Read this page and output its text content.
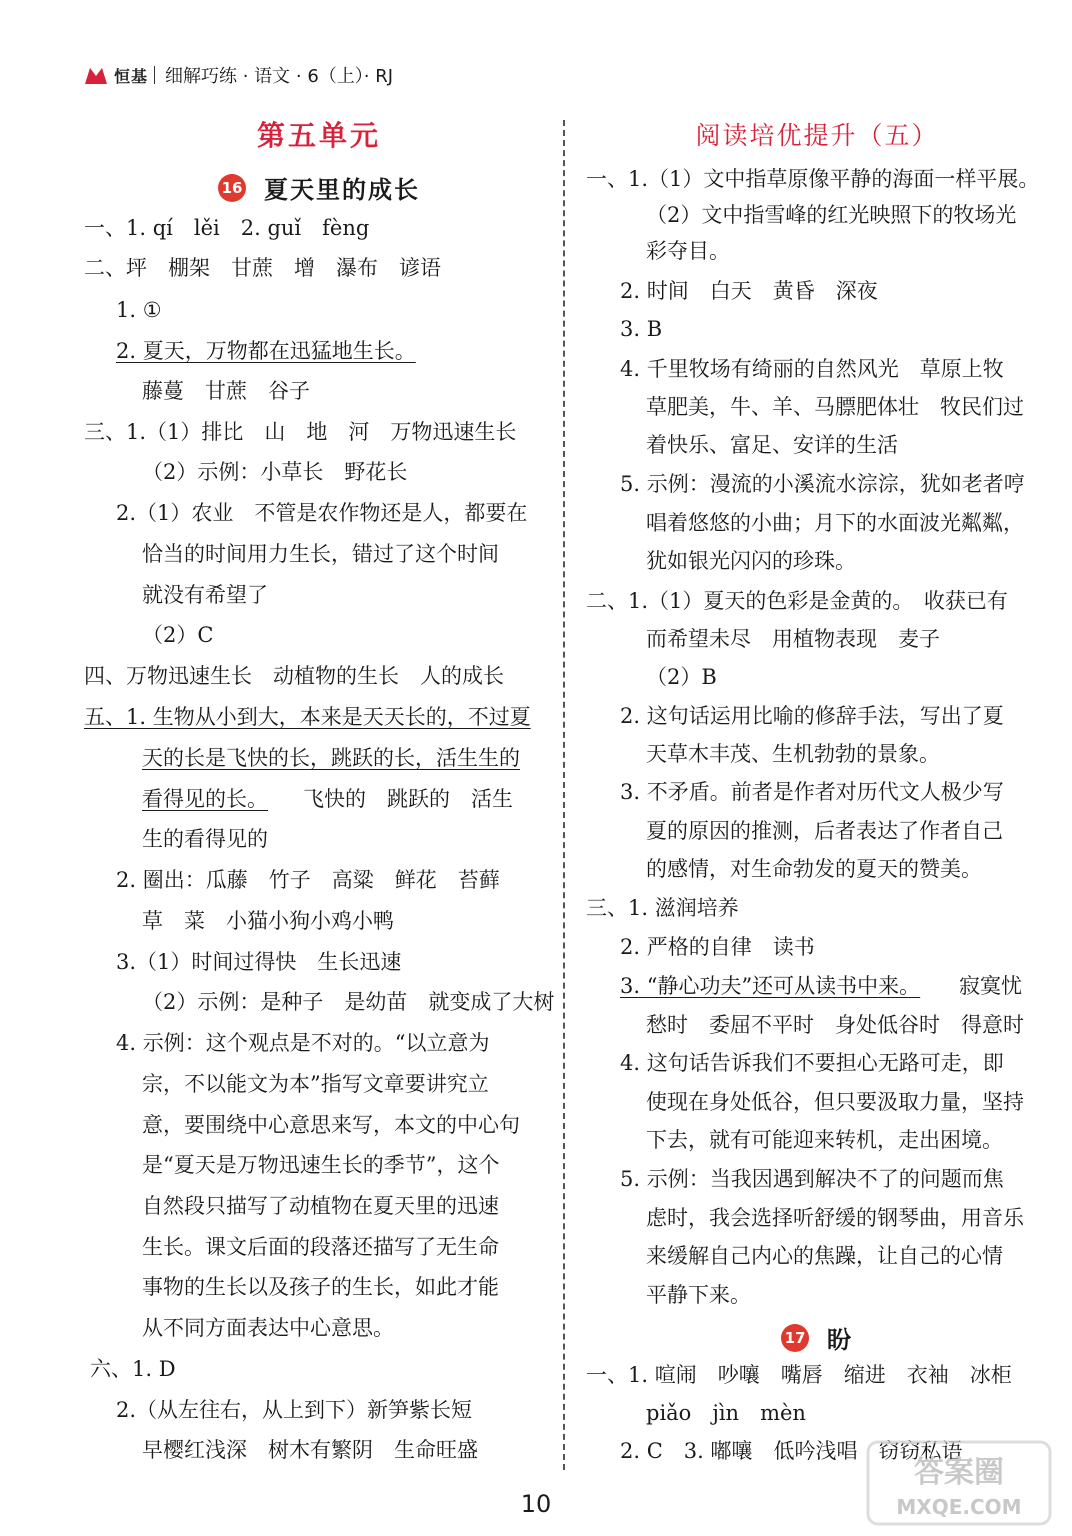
恒基 细解巧练 · 语文 · 6（上）· RJ
第五单元
16 夏天里的成长
一、1. qí　lěi　2. guǐ　fèng
二、坪　棚架　甘蔗　增　瀑布　谚语
1. ①
2. 夏天，万物都在迅猛地生长。
藤蔓　甘蔗　谷子
三、1.（1）排比　山　地　河　万物迅速生长
（2）示例：小草长　野花长
2.（1）农业　不管是农作物还是人，都要在
恰当的时间用力生长，错过了这个时间
就没有希望了
（2）C
四、万物迅速生长　动植物的生长　人的成长
五、1. 生物从小到大，本来是天天长的，不过夏
天的长是飞快的长，跳跃的长，活生生的
看得见的长。 　飞快的　跳跃的　活生
生的看得见的
2. 圈出：瓜藤　竹子　高粱　鲜花　苔藓
草　菜　小猫小狗小鸡小鸭
3.（1）时间过得快　生长迅速
（2）示例：是种子　是幼苗　就变成了大树
4. 示例：这个观点是不对的。“以立意为
宗，不以能文为本”指写文章要讲究立
意，要围绕中心意思来写，本文的中心句
是“夏天是万物迅速生长的季节”，这个
自然段只描写了动植物在夏天里的迅速
生长。课文后面的段落还描写了无生命
事物的生长以及孩子的生长，如此才能
从不同方面表达中心意思。
六、1. D
2.（从左往右，从上到下）新笋紫长短
早樱红浅深　树木有繁阴　生命旺盛
阅读培优提升（五）
一、1.（1）文中指草原像平静的海面一样平展。
（2）文中指雪峰的红光映照下的牧场光
彩夺目。
2. 时间　白天　黄昏　深夜
3. B
4. 千里牧场有绮丽的自然风光　草原上牧
草肥美，牛、羊、马膘肥体壮　牧民们过
着快乐、富足、安详的生活
5. 示例：漫流的小溪流水淙淙，犹如老者哼
唱着悠悠的小曲；月下的水面波光粼粼，
犹如银光闪闪的珍珠。
二、1.（1）夏天的色彩是金黄的。　收获已有
而希望未尽　用植物表现　麦子
（2）B
2. 这句话运用比喻的修辞手法，写出了夏
天草木丰茂、生机勃勃的景象。
3. 不矛盾。前者是作者对历代文人极少写
夏的原因的推测，后者表达了作者自己
的感情，对生命勃发的夏天的赞美。
三、1. 滋润培养
2. 严格的自律　读书
3. “静心功夫”还可从读书中来。 　寂寞忧
愁时　委屈不平时　身处低谷时　得意时
4. 这句话告诉我们不要担心无路可走，即
使现在身处低谷，但只要汲取力量，坚持
下去，就有可能迎来转机，走出困境。
5. 示例：当我因遇到解决不了的问题而焦
虑时，我会选择听舒缓的钢琴曲，用音乐
来缓解自己内心的焦躁，让自己的心情
平静下来。
17 盼
一、1. 喧闹　吵嚷　嘴唇　缩进　衣袖　冰柜
piǎo　jìn　mèn
2. C　3. 嘟嚷　低吟浅唱　窃窃私语
10
答案圈
MXQE.COM
